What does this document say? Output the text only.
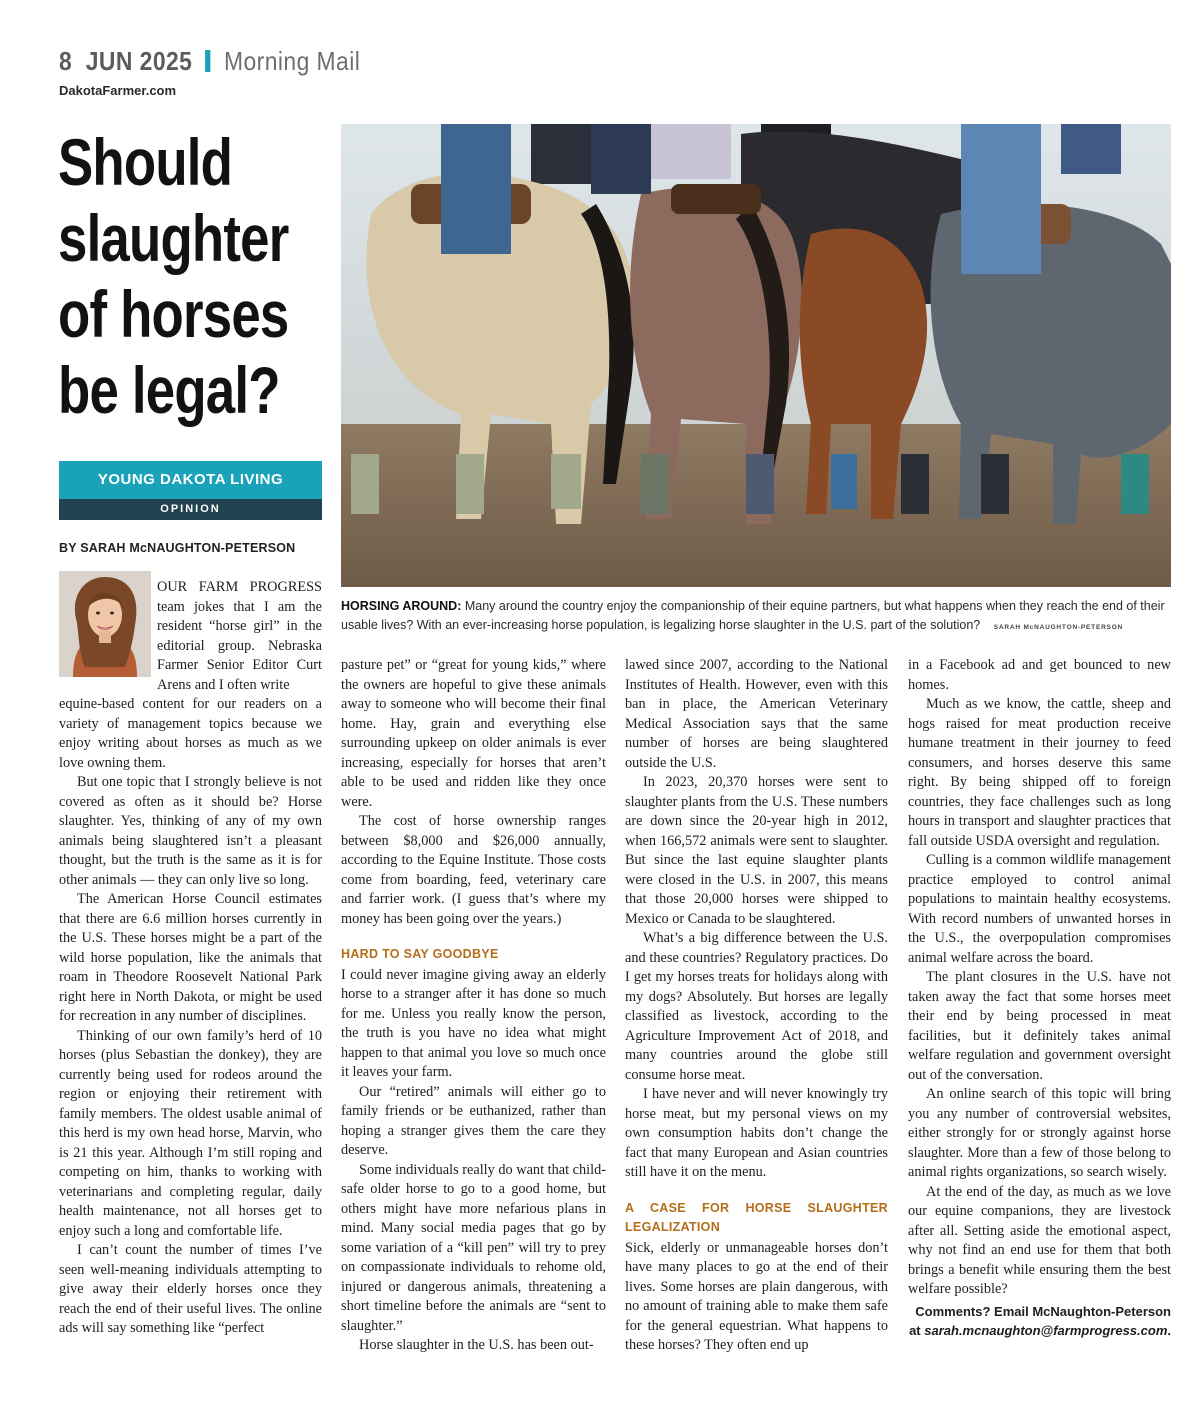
8 JUN 2025 Morning Mail
DakotaFarmer.com
Should slaughter of horses be legal?
YOUNG DAKOTA LIVING
OPINION
BY SARAH McNAUGHTON-PETERSON
HORSING AROUND: Many around the country enjoy the companionship of their equine partners, but what happens when they reach the end of their usable lives? With an ever-increasing horse population, is legalizing horse slaughter in the U.S. part of the solution? SARAH McNAUGHTON-PETERSON

OUR FARM PROGRESS team jokes that I am the resident “horse girl” in the editorial group. Nebraska Farmer Senior Editor Curt Arens and I often write

equine-based content for our readers on a variety of management topics because we enjoy writing about horses as much as we love owning them.

But one topic that I strongly believe is not covered as often as it should be? Horse slaughter. Yes, thinking of any of my own animals being slaughtered isn’t a pleasant thought, but the truth is the same as it is for other animals — they can only live so long.

The American Horse Council estimates that there are 6.6 million horses currently in the U.S. These horses might be a part of the wild horse population, like the animals that roam in Theodore Roosevelt National Park right here in North Dakota, or might be used for recreation in any number of disciplines.

Thinking of our own family’s herd of 10 horses (plus Sebastian the donkey), they are currently being used for rodeos around the region or enjoying their retirement with family members. The oldest usable animal of this herd is my own head horse, Marvin, who is 21 this year. Although I’m still roping and competing on him, thanks to working with veterinarians and completing regular, daily health maintenance, not all horses get to enjoy such a long and comfortable life.

I can’t count the number of times I’ve seen well-meaning individuals attempting to give away their elderly horses once they reach the end of their useful lives. The online ads will say something like “perfect

pasture pet” or “great for young kids,” where the owners are hopeful to give these animals away to someone who will become their final home. Hay, grain and everything else surrounding upkeep on older animals is ever increasing, especially for horses that aren’t able to be used and ridden like they once were.

The cost of horse ownership ranges between $8,000 and $26,000 annually, according to the Equine Institute. Those costs come from boarding, feed, veterinary care and farrier work. (I guess that’s where my money has been going over the years.)

HARD TO SAY GOODBYE

I could never imagine giving away an elderly horse to a stranger after it has done so much for me. Unless you really know the person, the truth is you have no idea what might happen to that animal you love so much once it leaves your farm.

Our “retired” animals will either go to family friends or be euthanized, rather than hoping a stranger gives them the care they deserve.

Some individuals really do want that child-safe older horse to go to a good home, but others might have more nefarious plans in mind. Many social media pages that go by some variation of a “kill pen” will try to prey on compassionate individuals to rehome old, injured or dangerous animals, threatening a short timeline before the animals are “sent to slaughter.”

Horse slaughter in the U.S. has been out-

lawed since 2007, according to the National Institutes of Health. However, even with this ban in place, the American Veterinary Medical Association says that the same number of horses are being slaughtered outside the U.S.

In 2023, 20,370 horses were sent to slaughter plants from the U.S. These numbers are down since the 20-year high in 2012, when 166,572 animals were sent to slaughter. But since the last equine slaughter plants were closed in the U.S. in 2007, this means that those 20,000 horses were shipped to Mexico or Canada to be slaughtered.

What’s a big difference between the U.S. and these countries? Regulatory practices. Do I get my horses treats for holidays along with my dogs? Absolutely. But horses are legally classified as livestock, according to the Agriculture Improvement Act of 2018, and many countries around the globe still consume horse meat.

I have never and will never knowingly try horse meat, but my personal views on my own consumption habits don’t change the fact that many European and Asian countries still have it on the menu.

A CASE FOR HORSE SLAUGHTER LEGALIZATION

Sick, elderly or unmanageable horses don’t have many places to go at the end of their lives. Some horses are plain dangerous, with no amount of training able to make them safe for the general equestrian. What happens to these horses? They often end up

in a Facebook ad and get bounced to new homes.

Much as we know, the cattle, sheep and hogs raised for meat production receive humane treatment in their journey to feed consumers, and horses deserve this same right. By being shipped off to foreign countries, they face challenges such as long hours in transport and slaughter practices that fall outside USDA oversight and regulation.

Culling is a common wildlife management practice employed to control animal populations to maintain healthy ecosystems. With record numbers of unwanted horses in the U.S., the overpopulation compromises animal welfare across the board.

The plant closures in the U.S. have not taken away the fact that some horses meet their end by being processed in meat facilities, but it definitely takes animal welfare regulation and government oversight out of the conversation.

An online search of this topic will bring you any number of controversial websites, either strongly for or strongly against horse slaughter. More than a few of those belong to animal rights organizations, so search wisely.

At the end of the day, as much as we love our equine companions, they are livestock after all. Setting aside the emotional aspect, why not find an end use for them that both brings a benefit while ensuring them the best welfare possible?

Comments? Email McNaughton-Peterson at sarah.mcnaughton@farmprogress.com.
